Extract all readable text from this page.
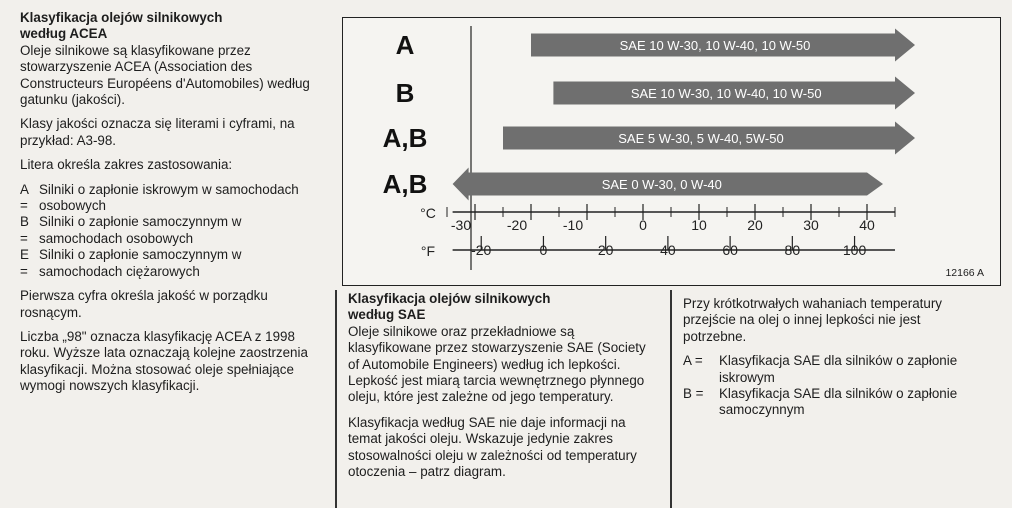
Klasyfikacja olejów silnikowych
według ACEA

Oleje silnikowe są klasyfikowane przez stowarzyszenie ACEA (Association des Constructeurs Européens d'Automobiles) według gatunku (jakości).

Klasy jakości oznacza się literami i cyframi, na przykład: A3-98.

Litera określa zakres zastosowania:

A =
Silniki o zapłonie iskrowym w samochodach osobowych
B =
Silniki o zapłonie samoczynnym w samochodach osobowych
E =
Silniki o zapłonie samoczynnym w samochodach ciężarowych

Pierwsza cyfra określa jakość w porządku rosnącym.

Liczba „98" oznacza klasyfikację ACEA z 1998 roku. Wyższe lata oznaczają kolejne zaostrzenia klasyfikacji. Można stosować oleje spełniające wymogi nowszych klasyfikacji.

A	SAE 10 W-30, 10 W-40, 10 W-50
B	SAE 10 W-30, 10 W-40, 10 W-50
A,B	SAE 5 W-30, 5 W-40, 5W-50
A,B	SAE 0 W-30, 0 W-40
°C
-30	-20	-10	0	10	20	30	40
°F	-20	0	20	40	60	80	100
12166 A
Klasyfikacja olejów silnikowych
według SAE

Oleje silnikowe oraz przekładniowe są klasyfikowane przez stowarzyszenie SAE (Society of Automobile Engineers) według ich lepkości. Lepkość jest miarą tarcia wewnętrznego płynnego oleju, które jest zależne od jego temperatury.

Klasyfikacja według SAE nie daje informacji na temat jakości oleju. Wskazuje jedynie zakres stosowalności oleju w zależności od temperatury otoczenia – patrz diagram.

Przy krótkotrwałych wahaniach temperatury przejście na olej o innej lepkości nie jest potrzebne.

A =	Klasyfikacja SAE dla silników o zapłonie iskrowym
B =	Klasyfikacja SAE dla silników o zapłonie samoczynnym
